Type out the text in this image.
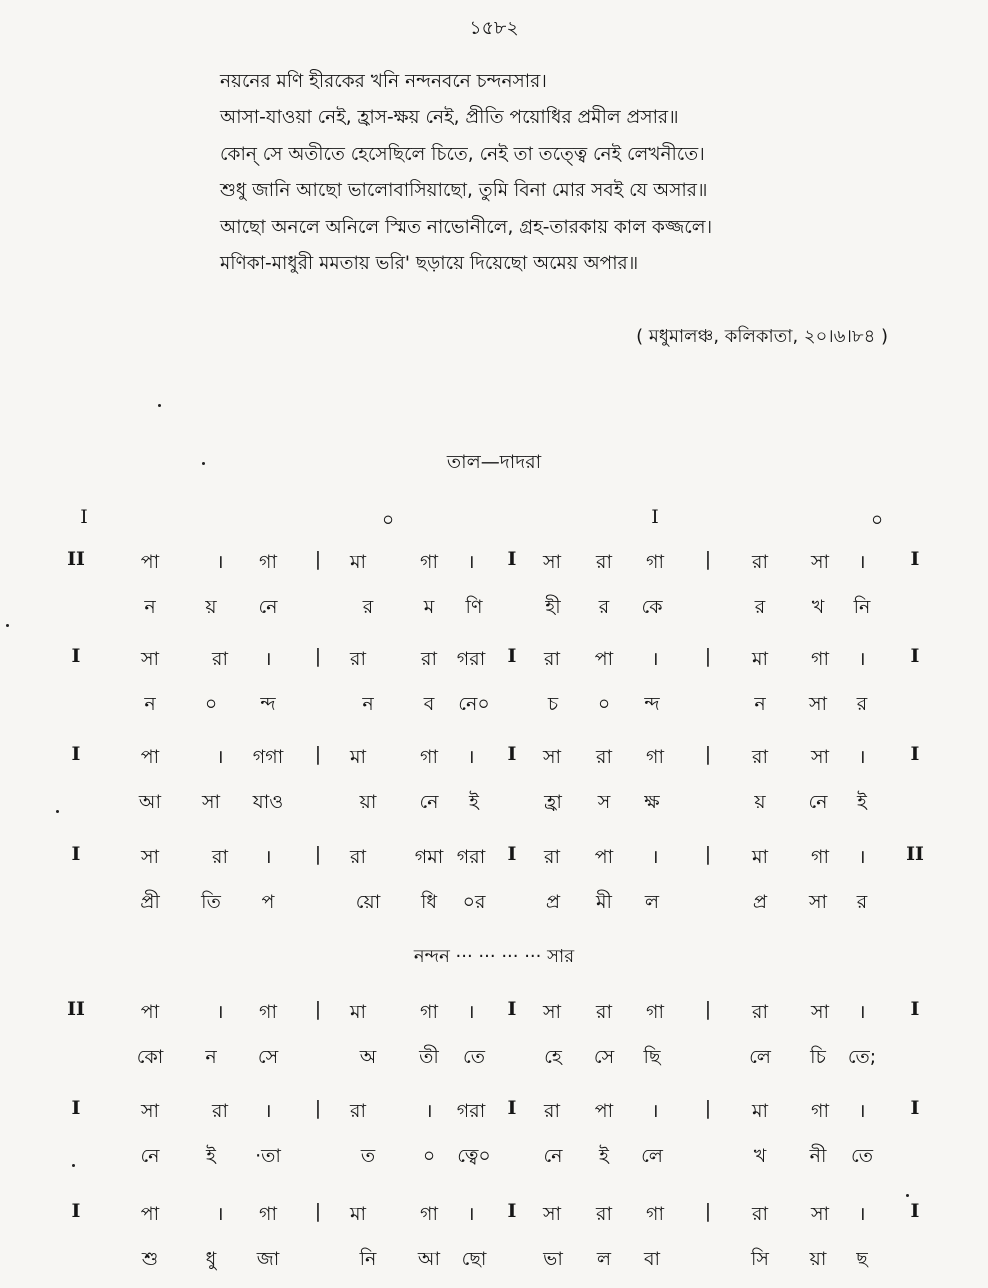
১৫৮২
নয়নের মণি হীরকের খনি নন্দনবনে চন্দনসার।
আসা-যাওয়া নেই, হ্রাস-ক্ষয় নেই, প্রীতি পয়োধির প্রমীল প্রসার॥
কোন্ সে অতীতে হেসেছিলে চিতে, নেই তা তত্ত্বে নেই লেখনীতে।
শুধু জানি আছো ভালোবাসিয়াছো, তুমি বিনা মোর সবই যে অসার॥
আছো অনলে অনিলে স্মিত নাভোনীলে, গ্রহ-তারকায় কাল কজ্জলে।
মণিকা-মাধুরী মমতায় ভরি' ছড়ায়ে দিয়েছো অমেয় অপার॥
( মধুমালঞ্চ, কলিকাতা, ২০।৬।৮৪ )
তাল—দাদরা
I	০	I	০
নন্দন ··· ··· ··· ··· সার
II	পা	। গা | মা	গা । I সা রা গা | রা সা । I
ন	য় নে	র	ম ণি	হী র কে	র খ নি
I	সা	রা । | রা	রা গরা I রা পা । | মা গা । I
ন	০ ন্দ	ন	ব নে০	চ ০ ন্দ	ন সা র
I	পা	। গগা | মা	গা । I সা রা গা | রা সা । I
আ সা যাও	য়া নে ই	হ্রা স ক্ষ	য় নে ই
I	সা	রা । | রা	গমা গরা I রা পা । | মা গা । II
প্রী তি প	য়ো ধি ০র	প্র মী ল	প্র সা র
II	পা	। গা | মা	গা । I সা রা গা | রা সা । I
কো ন সে	অ তী তে	হে সে ছি	লে চি তে;
I	সা	রা । | রা	। গরা I রা পা । | মা গা । I
নে ই ·তা	ত	০ ত্বে০	নে ই লে	খ নী তে
I	পা	। গা | মা	গা । I সা রা গা | রা সা । I
শু ধু জা	নি আ ছো	ভা ল বা	সি য়া ছ
